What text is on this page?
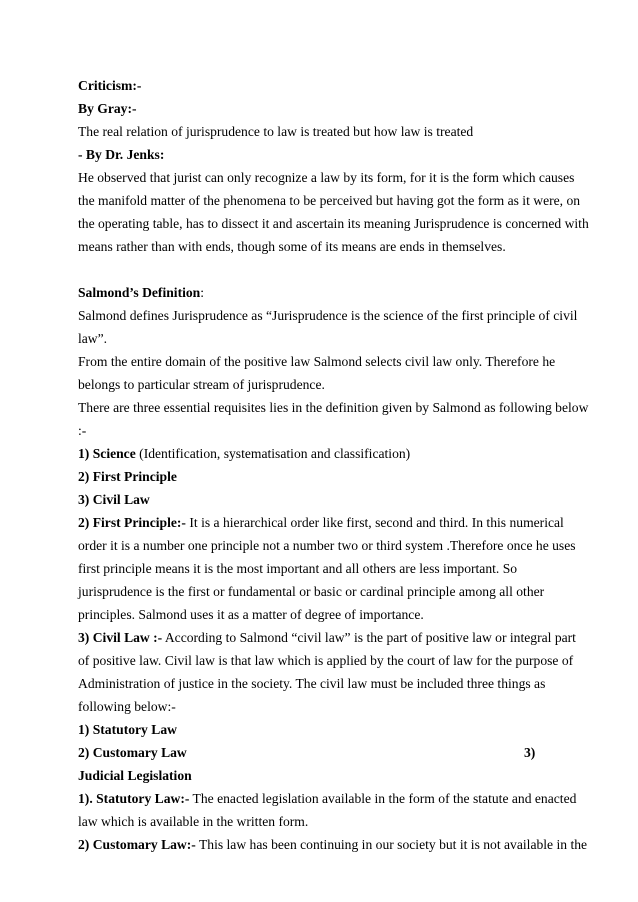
Criticism:-

By Gray:-

The real relation of jurisprudence to law is treated but how law is treated

- By Dr. Jenks:

He observed that jurist can only recognize a law by its form, for it is the form which causes

the manifold matter of the phenomena to be perceived but having got the form as it were, on

the operating table, has to dissect it and ascertain its meaning Jurisprudence is concerned with

means rather than with ends, though some of its means are ends in themselves.

Salmond’s Definition:

Salmond defines Jurisprudence as “Jurisprudence is the science of the first principle of civil

law”.

From the entire domain of the positive law Salmond selects civil law only. Therefore he

belongs to particular stream of jurisprudence.

There are three essential requisites lies in the definition given by Salmond as following below

:-

1) Science (Identification, systematisation and classification)

2) First Principle

3) Civil Law

2) First Principle:- It is a hierarchical order like first, second and third. In this numerical

order it is a number one principle not a number two or third system .Therefore once he uses

first principle means it is the most important and all others are less important. So

jurisprudence is the first or fundamental or basic or cardinal principle among all other

principles. Salmond uses it as a matter of degree of importance.

3) Civil Law :- According to Salmond “civil law” is the part of positive law or integral part

of positive law. Civil law is that law which is applied by the court of law for the purpose of

Administration of justice in the society. The civil law must be included three things as

following below:-

1) Statutory Law

2) Customary Law	3)

Judicial Legislation

1). Statutory Law:- The enacted legislation available in the form of the statute and enacted

law which is available in the written form.

2) Customary Law:- This law has been continuing in our society but it is not available in the
